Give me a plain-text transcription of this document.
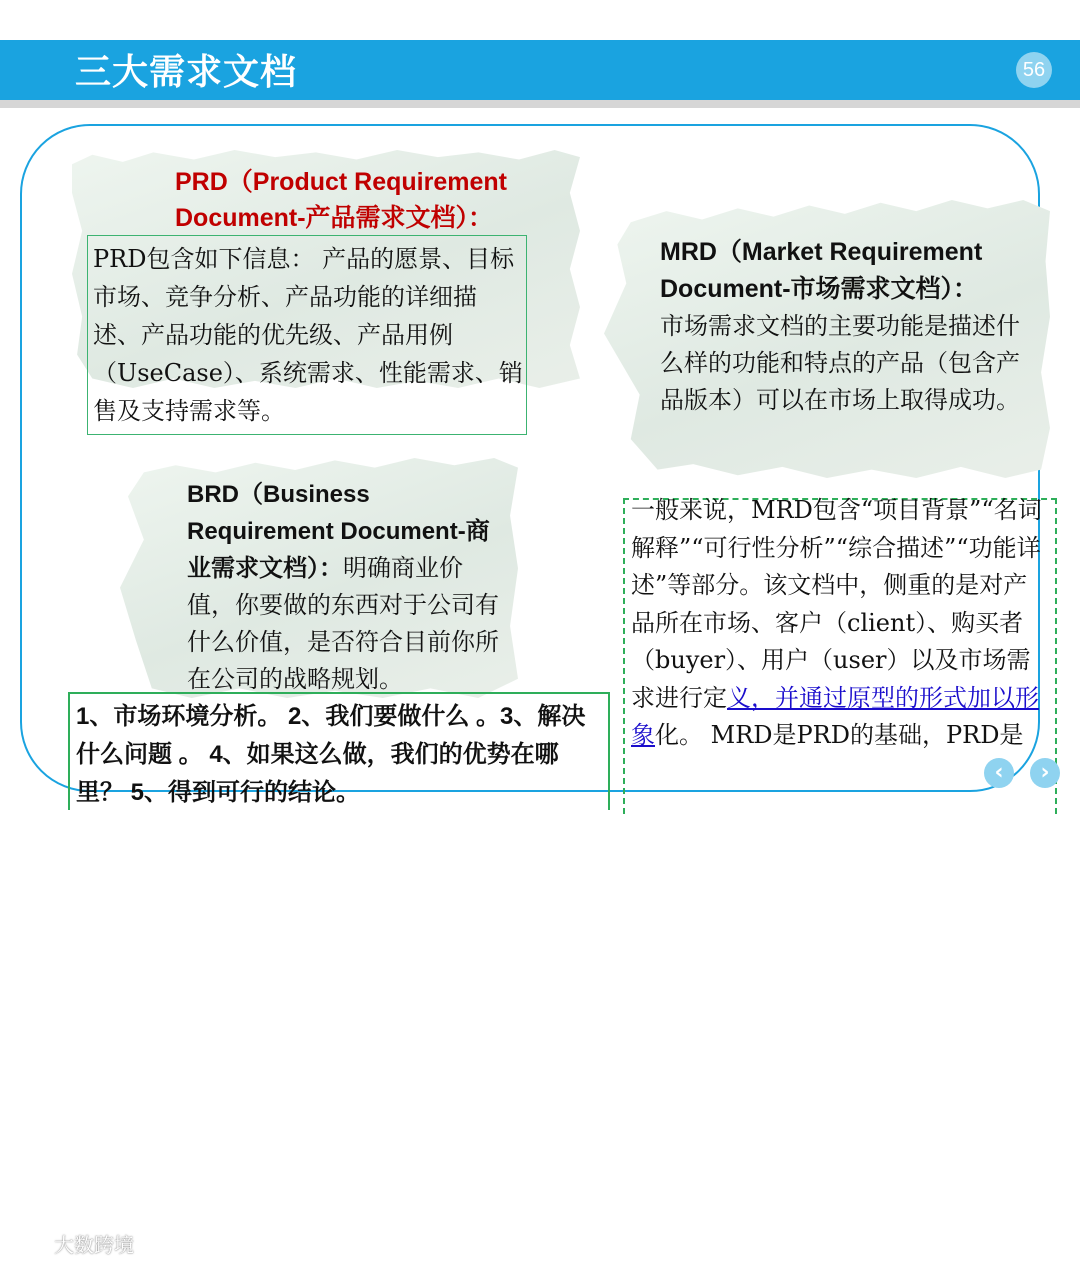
三大需求文档	56
PRD（Product Requirement Document-产品需求文档）：
PRD包含如下信息： 产品的愿景、目标市场、竞争分析、产品功能的详细描述、产品功能的优先级、产品用例（UseCase）、系统需求、性能需求、销售及支持需求等。
MRD（Market Requirement Document-市场需求文档）：
市场需求文档的主要功能是描述什么样的功能和特点的产品（包含产品版本）可以在市场上取得成功。
BRD（Business Requirement Document-商业需求文档）：明确商业价值，你要做的东西对于公司有什么价值，是否符合目前你所在公司的战略规划。
1、市场环境分析。 2、我们要做什么 。3、解决什么问题 。 4、如果这么做，我们的优势在哪里？ 5、得到可行的结论。
一般来说，MRD包含“项目背景”“名词解释”“可行性分析”“综合描述”“功能详述”等部分。该文档中，侧重的是对产品所在市场、客户（client）、购买者（buyer）、用户（user）以及市场需求进行定义，并通过原型的形式加以形象化。 MRD是PRD的基础，PRD是
‹	›
大数跨境
